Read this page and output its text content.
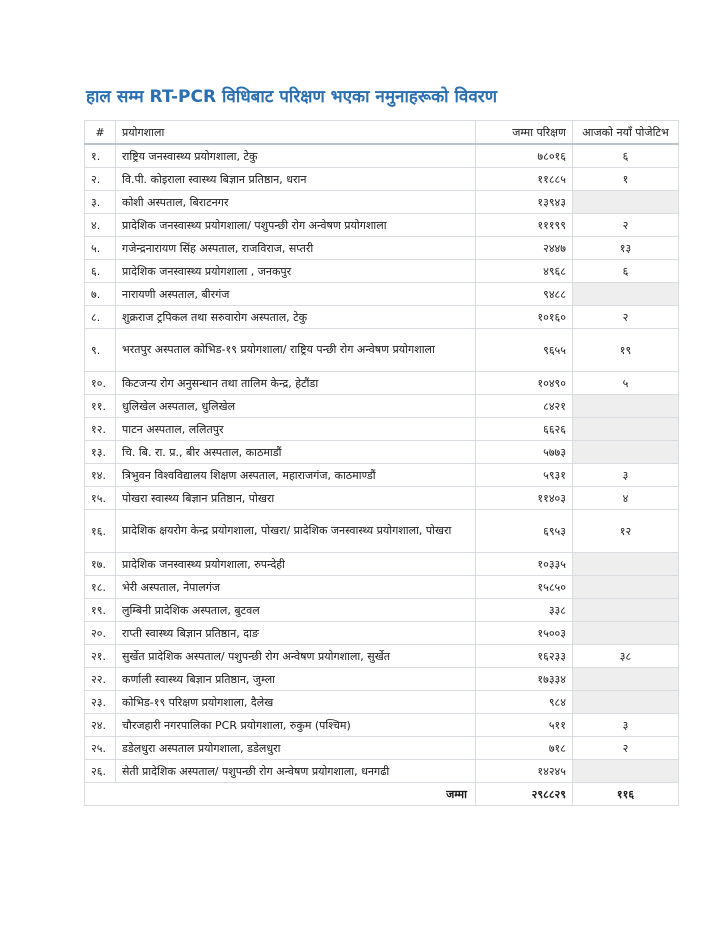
हाल सम्म RT-PCR विधिबाट परिक्षण भएका नमुनाहरूको विवरण
#	प्रयोगशाला	जम्मा परिक्षण	आजको नयाँ पोजेटिभ
१.	राष्ट्रिय जनस्वास्थ्य प्रयोगशाला, टेकु	७८०१६	६
२.	वि.पी. कोइराला स्वास्थ्य बिज्ञान प्रतिष्ठान, धरान	११८८५	१
३.	कोशी अस्पताल, बिराटनगर	१३९४३	
४.	प्रादेशिक जनस्वास्थ्य प्रयोगशाला/ पशुपन्छी रोग अन्वेषण प्रयोगशाला	१११९९	२
५.	गजेन्द्रनारायण सिंह अस्पताल, राजविराज, सप्तरी	२४४७	१३
६.	प्रादेशिक जनस्वास्थ्य प्रयोगशाला , जनकपुर	४९६८	६
७.	नारायणी अस्पताल, बीरगंज	९४८८	
८.	शुक्रराज ट्रपिकल तथा सरुवारोग अस्पताल, टेकु	१०१६०	२
९.	भरतपुर अस्पताल कोभिड-१९ प्रयोगशाला/ राष्ट्रिय पन्छी रोग अन्वेषण प्रयोगशाला	९६५५	१९
१०.	किटजन्य रोग अनुसन्धान तथा तालिम केन्द्र, हेटौंडा	१०४९०	५
११.	धुलिखेल अस्पताल, धुलिखेल	८४२१	
१२.	पाटन अस्पताल, ललितपुर	६६२६	
१३.	चि. बि. रा. प्र., बीर अस्पताल, काठमाडौं	५७७३	
१४.	त्रिभुवन विश्वविद्यालय शिक्षण अस्पताल, महाराजगंज, काठमाण्डौं	५९३१	३
१५.	पोखरा स्वास्थ्य बिज्ञान प्रतिष्ठान, पोखरा	११४०३	४
१६.	प्रादेशिक क्षयरोग केन्द्र प्रयोगशाला, पोखरा/ प्रादेशिक जनस्वास्थ्य प्रयोगशाला, पोखरा	६९५३	१२
१७.	प्रादेशिक जनस्वास्थ्य प्रयोगशाला, रुपन्देही	१०३३५	
१८.	भेरी अस्पताल, नेपालगंज	१५८५०	
१९.	लुम्बिनी प्रादेशिक अस्पताल, बुटवल	३३८	
२०.	राप्ती स्वास्थ्य बिज्ञान प्रतिष्ठान, दाङ	१५००३	
२१.	सुर्खेत प्रादेशिक अस्पताल/ पशुपन्छी रोग अन्वेषण प्रयोगशाला, सुर्खेत	१६२३३	३८
२२.	कर्णाली स्वास्थ्य बिज्ञान प्रतिष्ठान, जुम्ला	१७३३४	
२३.	कोभिड-१९ परिक्षण प्रयोगशाला, दैलेख	९८४	
२४.	चौरजहारी नगरपालिका PCR प्रयोगशाला, रुकुम (पश्चिम)	५११	३
२५.	डडेलधुरा अस्पताल प्रयोगशाला, डडेलधुरा	७१८	२
२६.	सेती प्रादेशिक अस्पताल/ पशुपन्छी रोग अन्वेषण प्रयोगशाला, धनगढी	१४२४५	
जम्मा		२९८८२९	११६
